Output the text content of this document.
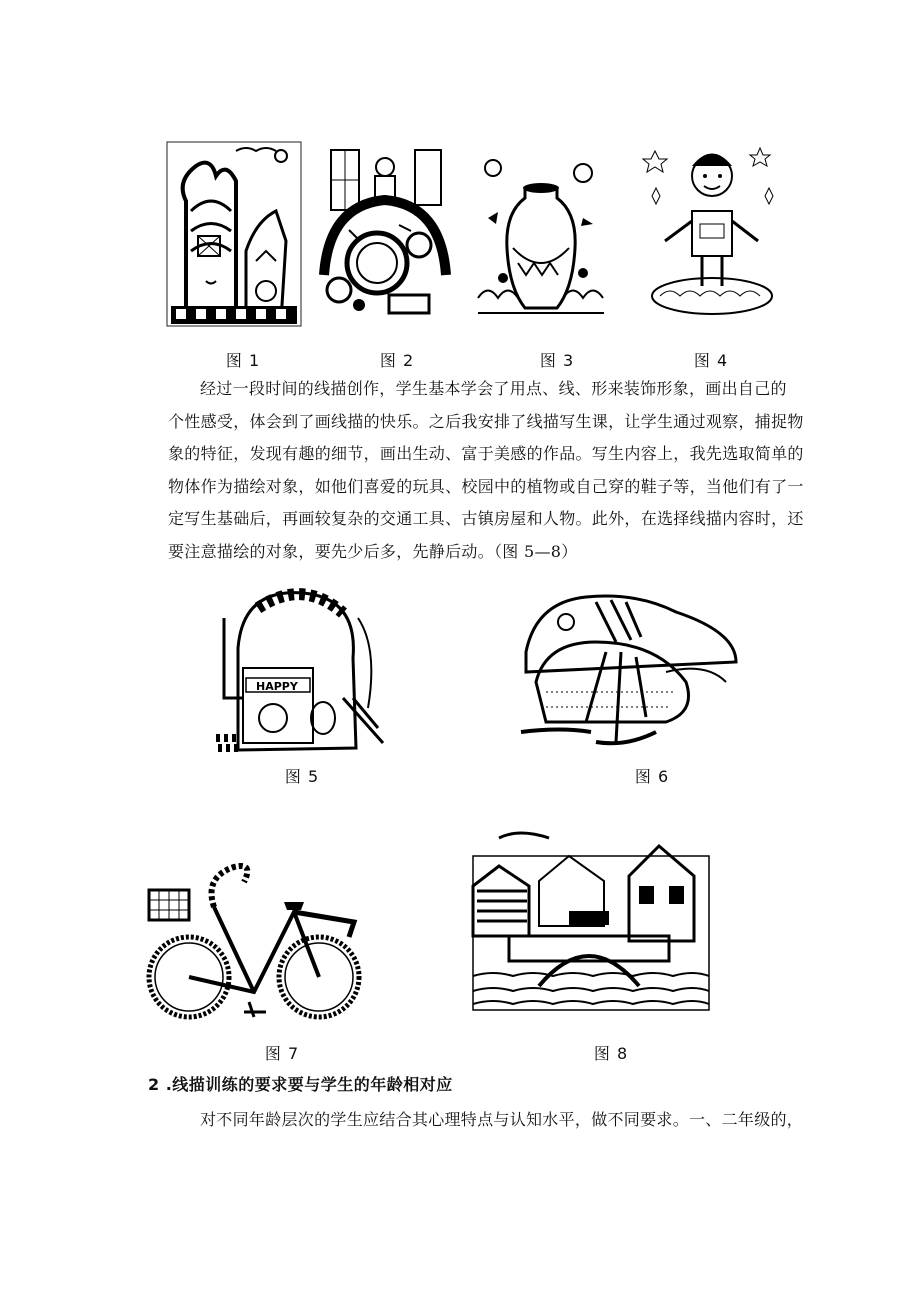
图 1	图 2	图 3	图 4
经过一段时间的线描创作，学生基本学会了用点、线、形来装饰形象，画出自己的
个性感受，体会到了画线描的快乐。之后我安排了线描写生课，让学生通过观察，捕捉物
象的特征，发现有趣的细节，画出生动、富于美感的作品。写生内容上，我先选取简单的
物体作为描绘对象，如他们喜爱的玩具、校园中的植物或自己穿的鞋子等，当他们有了一
定写生基础后，再画较复杂的交通工具、古镇房屋和人物。此外，在选择线描内容时，还
要注意描绘的对象，要先少后多，先静后动。（图 5—8）
HAPPY
图 5	图 6
图 7	图 8
2 .线描训练的要求要与学生的年龄相对应
对不同年龄层次的学生应结合其心理特点与认知水平，做不同要求。一、二年级的，
